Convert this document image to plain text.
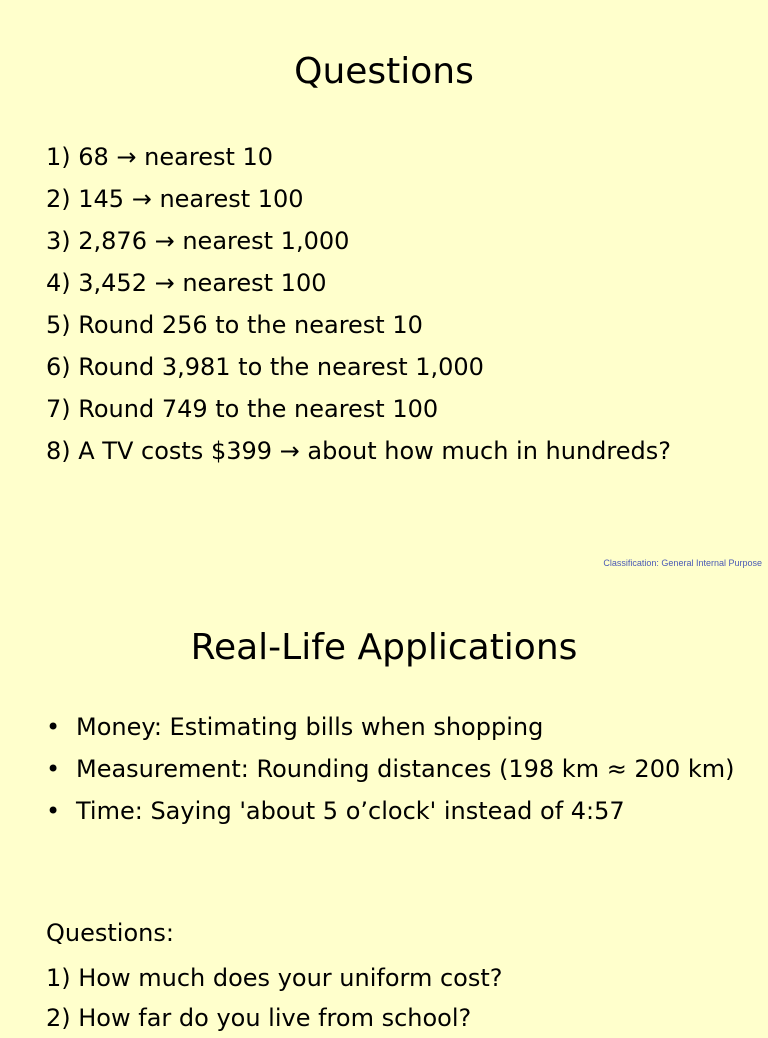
Questions
1) 68 → nearest 10
2) 145 → nearest 100
3) 2,876 → nearest 1,000
4) 3,452 → nearest 100
5) Round 256 to the nearest 10
6) Round 3,981 to the nearest 1,000
7) Round 749 to the nearest 100
8) A TV costs $399 → about how much in hundreds?
Classification: General Internal Purpose
Real-Life Applications
• Money: Estimating bills when shopping
• Measurement: Rounding distances (198 km ≈ 200 km)
• Time: Saying 'about 5 o’clock' instead of 4:57

Questions:

1) How much does your uniform cost?
2) How far do you live from school?
